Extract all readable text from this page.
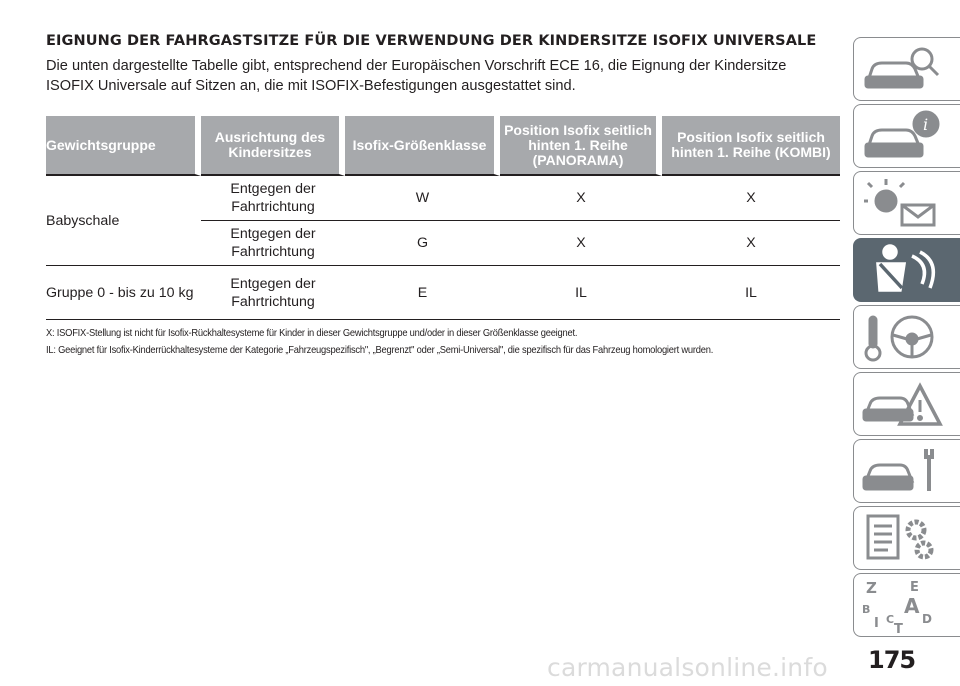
EIGNUNG DER FAHRGASTSITZE FÜR DIE VERWENDUNG DER KINDERSITZE ISOFIX UNIVERSALE

Die unten dargestellte Tabelle gibt, entsprechend der Europäischen Vorschrift ECE 16, die Eignung der Kindersitze ISOFIX Universale auf Sitzen an, die mit ISOFIX-Befestigungen ausgestattet sind.

Gewichtsgruppe	Ausrichtung des Kindersitzes	Isofix-Größenklasse	Position Isofix seitlich hinten 1. Reihe (PANORAMA)	Position Isofix seitlich hinten 1. Reihe (KOMBI)
Babyschale	Entgegen der Fahrtrichtung	W	X	X
	Entgegen der Fahrtrichtung	G	X	X
Gruppe 0 - bis zu 10 kg	Entgegen der Fahrtrichtung	E	IL	IL
X: ISOFIX-Stellung ist nicht für Isofix-Rückhaltesysteme für Kinder in dieser Gewichtsgruppe und/oder in dieser Größenklasse geeignet.
IL: Geeignet für Isofix-Kinderrückhaltesysteme der Kategorie „Fahrzeugspezifisch", „Begrenzt" oder „Semi-Universal", die spezifisch für das Fahrzeug homologiert wurden.
i
Z	E
B A
I C
T
D
175
carmanualsonline.info
